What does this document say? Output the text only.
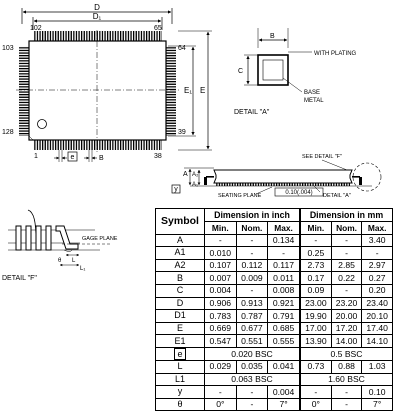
D
D₁
102	65
103	64
128	39
1	38
E₁ E
e	B
B
C
WITH PLATING
BASE
METAL
DETAIL "A"
SEE DETAIL "F"
A A₂
A₁
y
SEATING PLANE	0.10(.004) DETAIL "A"
GAGE PLANE
θ L
L₁
DETAIL "F"
Symbol	Dimension in inch			Dimension in mm		
	Min.	Nom.	Max.	Min.	Nom.	Max.
A	-	-	0.134	-	-	3.40
A1	0.010	-	-	0.25	-	-
A2	0.107	0.112	0.117	2.73	2.85	2.97
B	0.007	0.009	0.011	0.17	0.22	0.27
C	0.004	-	0.008	0.09	-	0.20
D	0.906	0.913	0.921	23.00	23.20	23.40
D1	0.783	0.787	0.791	19.90	20.00	20.10
E	0.669	0.677	0.685	17.00	17.20	17.40
E1	0.547	0.551	0.555	13.90	14.00	14.10
e	0.020 BSC			0.5 BSC		
L	0.029	0.035	0.041	0.73	0.88	1.03
L1	0.063 BSC			1.60 BSC		
y	-	-	0.004	-	-	0.10
θ	0°	-	7°	0°	-	7°
